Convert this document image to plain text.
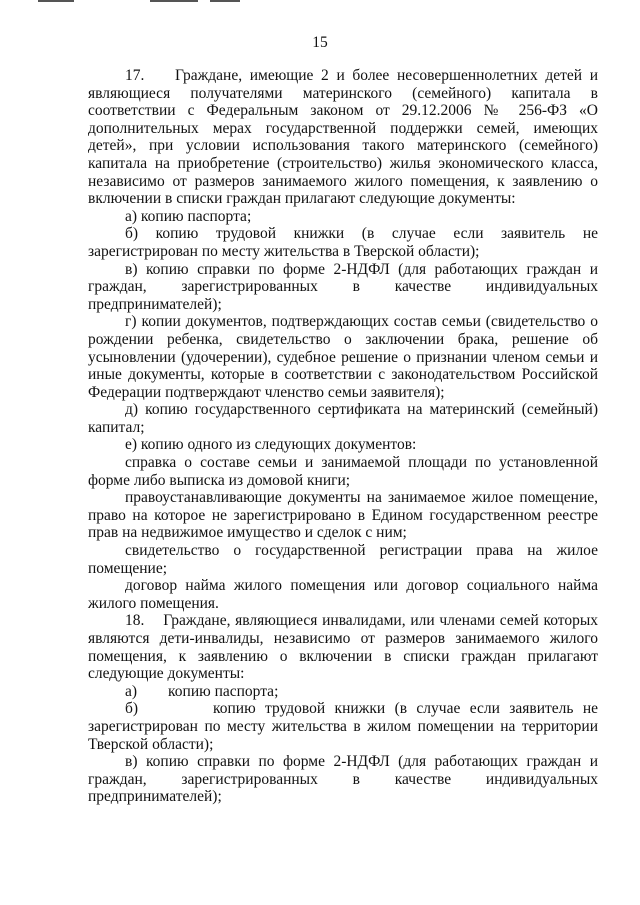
15

17.    Граждане, имеющие 2 и более несовершеннолетних детей и являющиеся получателями материнского (семейного) капитала в соответствии с Федеральным законом от 29.12.2006 № 256-ФЗ «О дополнительных мерах государственной поддержки семей, имеющих детей», при условии использования такого материнского (семейного) капитала на приобретение (строительство) жилья экономического класса, независимо от размеров занимаемого жилого помещения, к заявлению о включении в списки граждан прилагают следующие документы:

а) копию паспорта;

б) копию трудовой книжки (в случае если заявитель не зарегистрирован по месту жительства в Тверской области);

в) копию справки по форме 2-НДФЛ (для работающих граждан и граждан, зарегистрированных в качестве индивидуальных предпринимателей);

г) копии документов, подтверждающих состав семьи (свидетельство о рождении ребенка, свидетельство о заключении брака, решение об усыновлении (удочерении), судебное решение о признании членом семьи и иные документы, которые в соответствии с законодательством Российской Федерации подтверждают членство семьи заявителя);

д) копию государственного сертификата на материнский (семейный) капитал;

е) копию одного из следующих документов:

справка о составе семьи и занимаемой площади по установленной форме либо выписка из домовой книги;

правоустанавливающие документы на занимаемое жилое помещение, право на которое не зарегистрировано в Едином государственном реестре прав на недвижимое имущество и сделок с ним;

свидетельство о государственной регистрации права на жилое помещение;

договор найма жилого помещения или договор социального найма жилого помещения.

18.    Граждане, являющиеся инвалидами, или членами семей которых являются дети-инвалиды, независимо от размеров занимаемого жилого помещения, к заявлению о включении в списки граждан прилагают следующие документы:

а)        копию паспорта;

б)        копию трудовой книжки (в случае если заявитель не зарегистрирован по месту жительства в жилом помещении на территории Тверской области);

в) копию справки по форме 2-НДФЛ (для работающих граждан и граждан, зарегистрированных в качестве индивидуальных предпринимателей);
